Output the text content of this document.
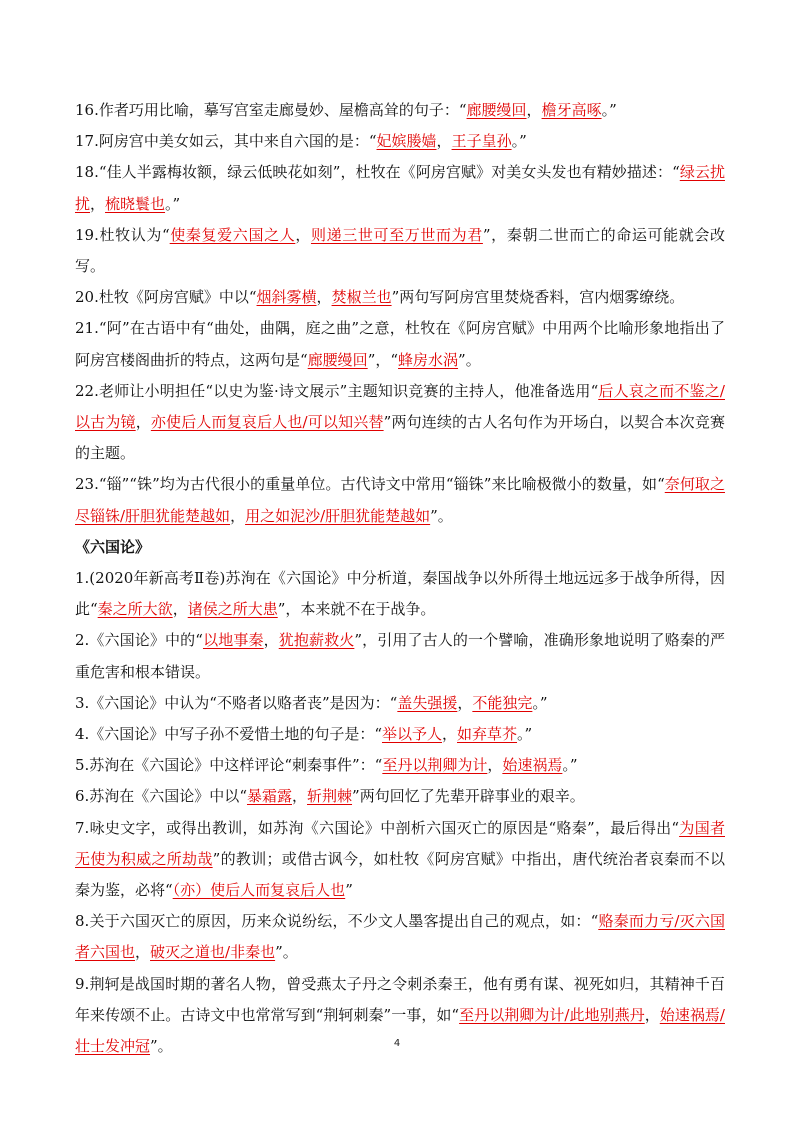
16.作者巧用比喻，摹写宫室走廊曼妙、屋檐高耸的句子：“廊腰缦回，檐牙高啄。”

17.阿房宫中美女如云，其中来自六国的是：“妃嫔媵嫱，王子皇孙。”

18.“佳人半露梅妆额，绿云低映花如刻”，杜牧在《阿房宫赋》对美女头发也有精妙描述：“绿云扰扰，梳晓鬟也。”

19.杜牧认为“使秦复爱六国之人，则递三世可至万世而为君”，秦朝二世而亡的命运可能就会改写。

20.杜牧《阿房宫赋》中以“烟斜雾横，焚椒兰也”两句写阿房宫里焚烧香料，宫内烟雾缭绕。

21.“阿”在古语中有“曲处，曲隅，庭之曲”之意，杜牧在《阿房宫赋》中用两个比喻形象地指出了阿房宫楼阁曲折的特点，这两句是“廊腰缦回”，“蜂房水涡”。

22.老师让小明担任“以史为鉴·诗文展示”主题知识竞赛的主持人，他准备选用“后人哀之而不鉴之/以古为镜，亦使后人而复哀后人也/可以知兴替”两句连续的古人名句作为开场白，以契合本次竞赛的主题。

23.“锱”“铢”均为古代很小的重量单位。古代诗文中常用“锱铢”来比喻极微小的数量，如“奈何取之尽锱铢/肝胆犹能楚越如，用之如泥沙/肝胆犹能楚越如”。

《六国论》

1.(2020年新高考Ⅱ卷)苏洵在《六国论》中分析道，秦国战争以外所得土地远远多于战争所得，因此“秦之所大欲，诸侯之所大患”，本来就不在于战争。

2.《六国论》中的“以地事秦，犹抱薪救火”，引用了古人的一个譬喻，准确形象地说明了赂秦的严重危害和根本错误。

3.《六国论》中认为“不赂者以赂者丧”是因为：“盖失强援，不能独完。”

4.《六国论》中写子孙不爱惜土地的句子是：“举以予人，如弃草芥。”

5.苏洵在《六国论》中这样评论“刺秦事件”：“至丹以荆卿为计，始速祸焉。”

6.苏洵在《六国论》中以“暴霜露，斩荆棘”两句回忆了先辈开辟事业的艰辛。

7.咏史文字，或得出教训，如苏洵《六国论》中剖析六国灭亡的原因是“赂秦”，最后得出“为国者无使为积威之所劫哉”的教训；或借古讽今，如杜牧《阿房宫赋》中指出，唐代统治者哀秦而不以秦为鉴，必将“（亦）使后人而复哀后人也”

8.关于六国灭亡的原因，历来众说纷纭，不少文人墨客提出自己的观点，如：“赂秦而力亏/灭六国者六国也，破灭之道也/非秦也”。

9.荆轲是战国时期的著名人物，曾受燕太子丹之令刺杀秦王，他有勇有谋、视死如归，其精神千百年来传颂不止。古诗文中也常常写到“荆轲刺秦”一事，如“至丹以荆卿为计/此地别燕丹，始速祸焉/壮士发冲冠”。	4
